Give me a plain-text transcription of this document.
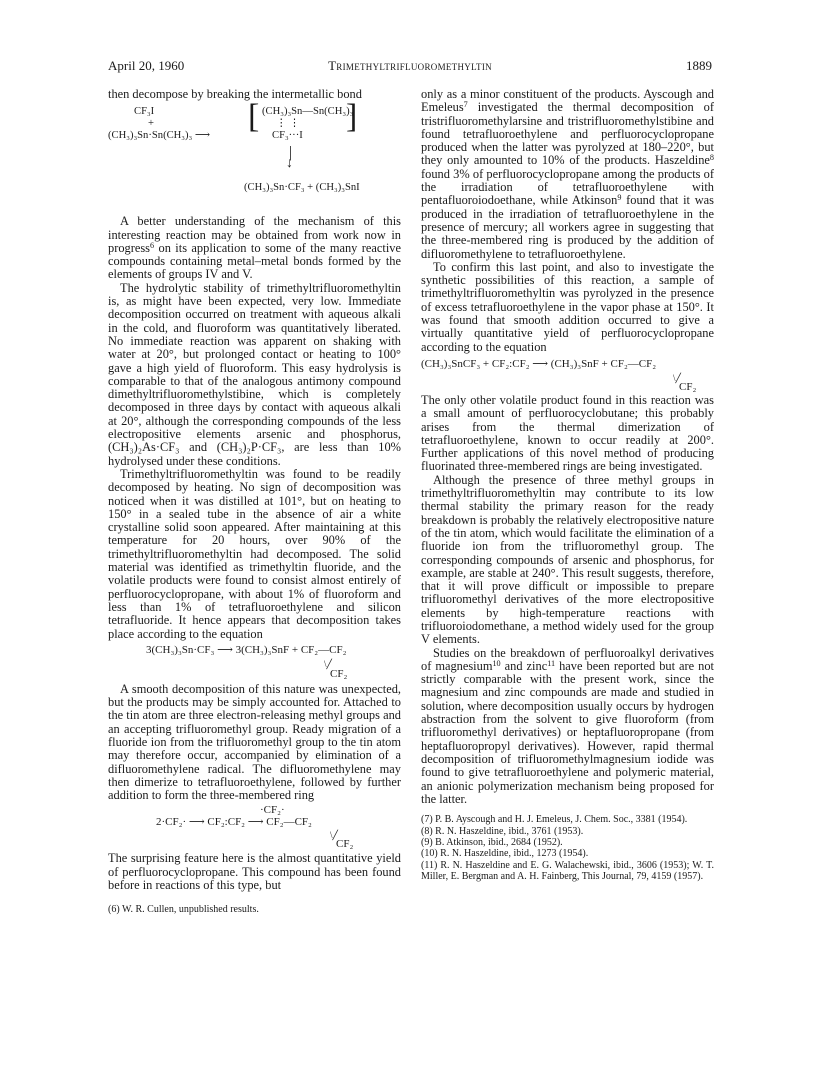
April 20, 1960	Trimethyltrifluoromethyltin	1889

then decompose by breaking the intermetallic bond

CF₃I
+
(CH₃)₃Sn·Sn(CH₃)₃ ⟶
[ (CH₃)₃Sn—Sn(CH₃)₃
⋮ ⋮
CF₃···I
]
|
↓
(CH₃)₃Sn·CF₃ + (CH₃)₃SnI

A better understanding of the mechanism of this interesting reaction may be obtained from work now in progress$^6$ on its application to some of the many reactive compounds containing metal–metal bonds formed by the elements of groups IV and V.

The hydrolytic stability of trimethyltrifluoromethyltin is, as might have been expected, very low. Immediate decomposition occurred on treatment with aqueous alkali in the cold, and fluoroform was quantitatively liberated. No immediate reaction was apparent on shaking with water at 20°, but prolonged contact or heating to 100° gave a high yield of fluoroform. This easy hydrolysis is comparable to that of the analogous antimony compound dimethyltrifluoromethylstibine, which is completely decomposed in three days by contact with aqueous alkali at 20°, although the corresponding compounds of the less electropositive elements arsenic and phosphorus, (CH₃)₂As·CF₃ and (CH₃)₂P·CF₃, are less than 10% hydrolysed under these conditions.

Trimethyltrifluoromethyltin was found to be readily decomposed by heating. No sign of decomposition was noticed when it was distilled at 101°, but on heating to 150° in a sealed tube in the absence of air a white crystalline solid soon appeared. After maintaining at this temperature for 20 hours, over 90% of the trimethyltrifluoromethyltin had decomposed. The solid material was identified as trimethyltin fluoride, and the volatile products were found to consist almost entirely of perfluorocyclopropane, with about 1% of fluoroform and less than 1% of tetrafluoroethylene and silicon tetrafluoride. It hence appears that decomposition takes place according to the equation

3(CH₃)₃Sn·CF₃ ⟶ 3(CH₃)₃SnF + CF₂—CF₂
\╱
CF₂

A smooth decomposition of this nature was unexpected, but the products may be simply accounted for. Attached to the tin atom are three electron-releasing methyl groups and an accepting trifluoromethyl group. Ready migration of a fluoride ion from the trifluoromethyl group to the tin atom may therefore occur, accompanied by elimination of a difluoromethylene radical. The difluoromethylene may then dimerize to tetrafluoroethylene, followed by further addition to form the three-membered ring

·CF₂·
2·CF₂· ⟶ CF₂:CF₂ ⟶ CF₂—CF₂
\╱
CF₂

The surprising feature here is the almost quantitative yield of perfluorocyclopropane. This compound has been found before in reactions of this type, but

(6) W. R. Cullen, unpublished results.

only as a minor constituent of the products. Ayscough and Emeleus$^7$ investigated the thermal decomposition of tristrifluoromethylarsine and tristrifluoromethylstibine and found tetrafluoroethylene and perfluorocyclopropane produced when the latter was pyrolyzed at 180–220°, but they only amounted to 10% of the products. Haszeldine$^8$ found 3% of perfluorocyclopropane among the products of the irradiation of tetrafluoroethylene with pentafluoroiodoethane, while Atkinson$^9$ found that it was produced in the irradiation of tetrafluoroethylene in the presence of mercury; all workers agree in suggesting that the three-membered ring is produced by the addition of difluoromethylene to tetrafluoroethylene.

To confirm this last point, and also to investigate the synthetic possibilities of this reaction, a sample of trimethyltrifluoromethyltin was pyrolyzed in the presence of excess tetrafluoroethylene in the vapor phase at 150°. It was found that smooth addition occurred to give a virtually quantitative yield of perfluorocyclopropane according to the equation

(CH₃)₃SnCF₃ + CF₂:CF₂ ⟶ (CH₃)₃SnF + CF₂—CF₂
\╱
CF₂

The only other volatile product found in this reaction was a small amount of perfluorocyclobutane; this probably arises from the thermal dimerization of tetrafluoroethylene, known to occur readily at 200°. Further applications of this novel method of producing fluorinated three-membered rings are being investigated.

Although the presence of three methyl groups in trimethyltrifluoromethyltin may contribute to its low thermal stability the primary reason for the ready breakdown is probably the relatively electropositive nature of the tin atom, which would facilitate the elimination of a fluoride ion from the trifluoromethyl group. The corresponding compounds of arsenic and phosphorus, for example, are stable at 240°. This result suggests, therefore, that it will prove difficult or impossible to prepare trifluoromethyl derivatives of the more electropositive elements by high-temperature reactions with trifluoroiodomethane, a method widely used for the group V elements.

Studies on the breakdown of perfluoroalkyl derivatives of magnesium$^{10}$ and zinc$^{11}$ have been reported but are not strictly comparable with the present work, since the magnesium and zinc compounds are made and studied in solution, where decomposition usually occurs by hydrogen abstraction from the solvent to give fluoroform (from trifluoromethyl derivatives) or heptafluoropropane (from heptafluoropropyl derivatives). However, rapid thermal decomposition of trifluoromethylmagnesium iodide was found to give tetrafluoroethylene and polymeric material, an anionic polymerization mechanism being proposed for the latter.

(7) P. B. Ayscough and H. J. Emeleus, J. Chem. Soc., 3381 (1954).
(8) R. N. Haszeldine, ibid., 3761 (1953).
(9) B. Atkinson, ibid., 2684 (1952).
(10) R. N. Haszeldine, ibid., 1273 (1954).
(11) R. N. Haszeldine and E. G. Walachewski, ibid., 3606 (1953); W. T. Miller, E. Bergman and A. H. Fainberg, This Journal, 79, 4159 (1957).
